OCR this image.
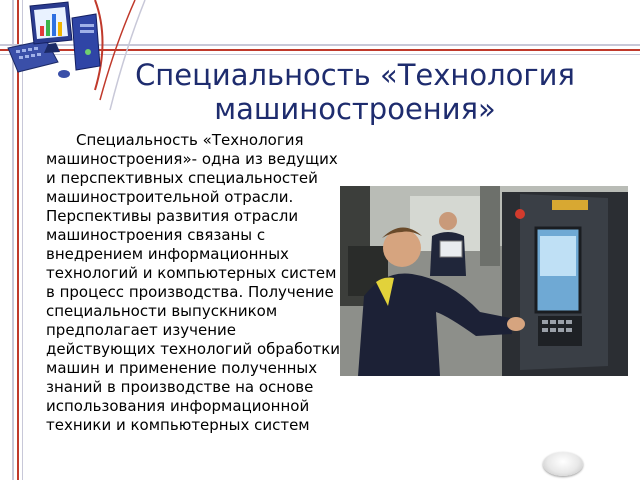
Специальность «Технология машиностроения»

Специальность «Технология машиностроения»- одна из ведущих и перспективных специальностей машиностроительной отрасли. Перспективы развития отрасли машиностроения связаны с внедрением информационных технологий и компьютерных систем в процесс производства. Получение специальности выпускником предполагает изучение действующих технологий обработки машин и применение полученных знаний в производстве на основе использования информационной техники и компьютерных систем
